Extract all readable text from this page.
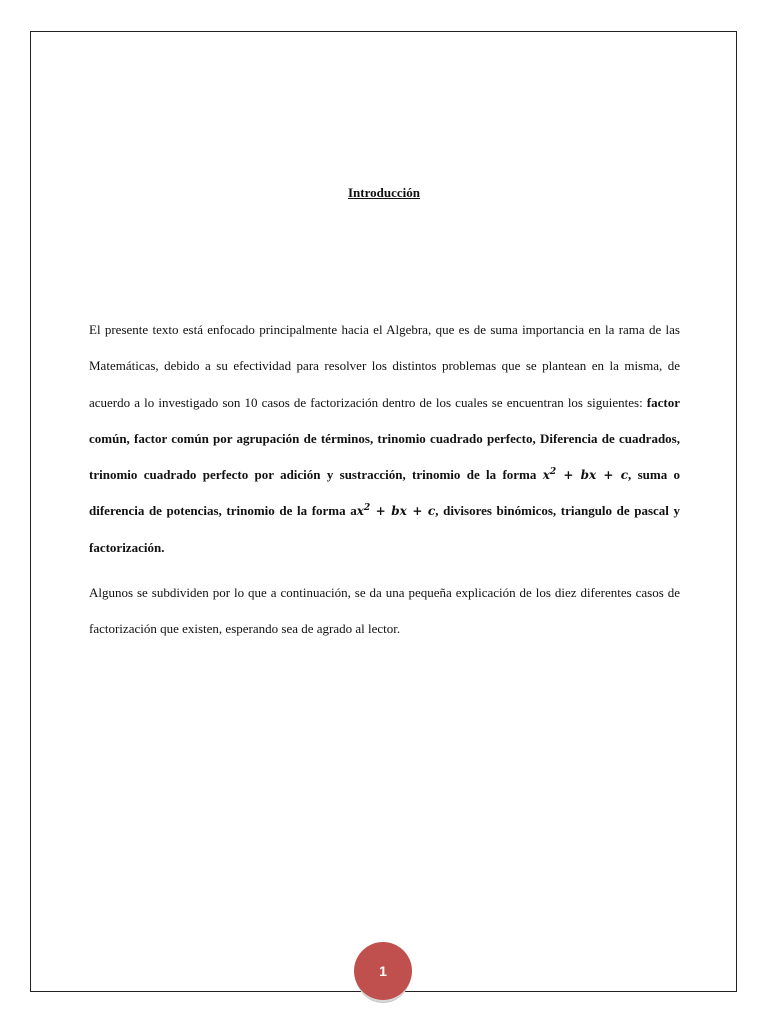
Introducción

El presente texto está enfocado principalmente hacia el Algebra, que es de suma importancia en la rama de las Matemáticas, debido a su efectividad para resolver los distintos problemas que se plantean en la misma, de acuerdo a lo investigado son 10 casos de factorización dentro de los cuales se encuentran los siguientes: factor común, factor común por agrupación de términos, trinomio cuadrado perfecto, Diferencia de cuadrados, trinomio cuadrado perfecto por adición y sustracción, trinomio de la forma $x^2$ + bx + c, suma o diferencia de potencias, trinomio de la forma $ax^2$ + bx + c, divisores binómicos, triangulo de pascal y factorización.

Algunos se subdividen por lo que a continuación, se da una pequeña explicación de los diez diferentes casos de factorización que existen, esperando sea de agrado al lector.

1
